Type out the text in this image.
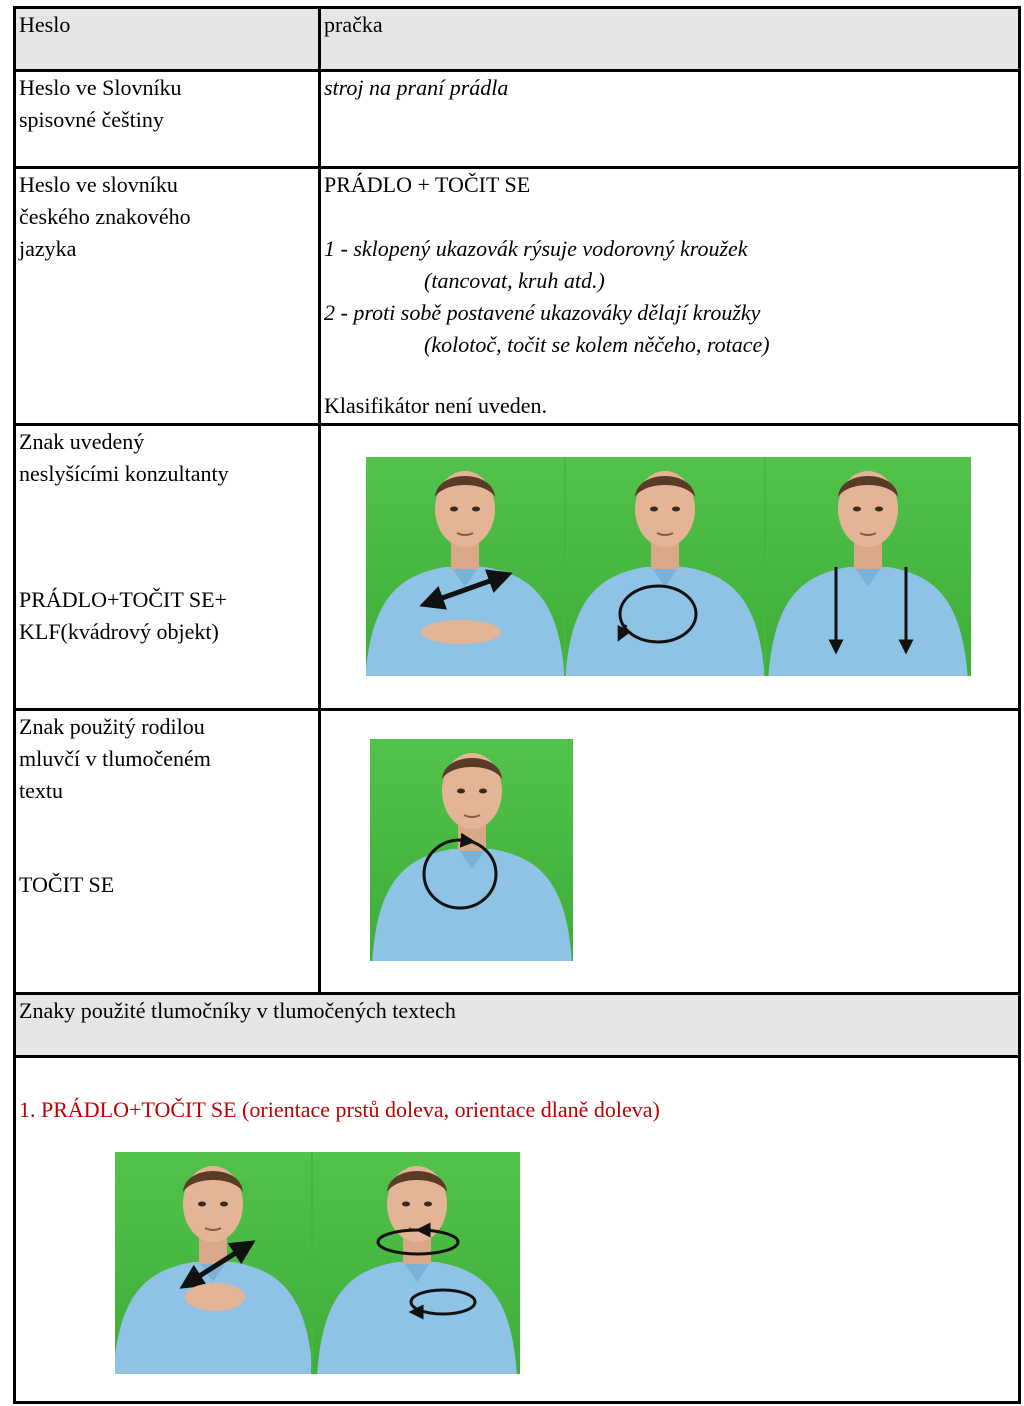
Heslo	pračka
Heslo ve Slovníku
spisovné češtiny
stroj na praní prádla
Heslo ve slovníku
českého znakového
jazyka
PRÁDLO + TOČIT SE
1 - sklopený ukazovák rýsuje vodorovný kroužek
(tancovat, kruh atd.)
2 - proti sobě postavené ukazováky dělají kroužky
(kolotoč, točit se kolem něčeho, rotace)
Klasifikátor není uveden.
Znak uvedený
neslyšícími konzultanty
PRÁDLO+TOČIT SE+
KLF(kvádrový objekt)
Znak použitý rodilou
mluvčí v tlumočeném
textu
TOČIT SE
Znaky použité tlumočníky v tlumočených textech
1. PRÁDLO+TOČIT SE (orientace prstů doleva, orientace dlaně doleva)
